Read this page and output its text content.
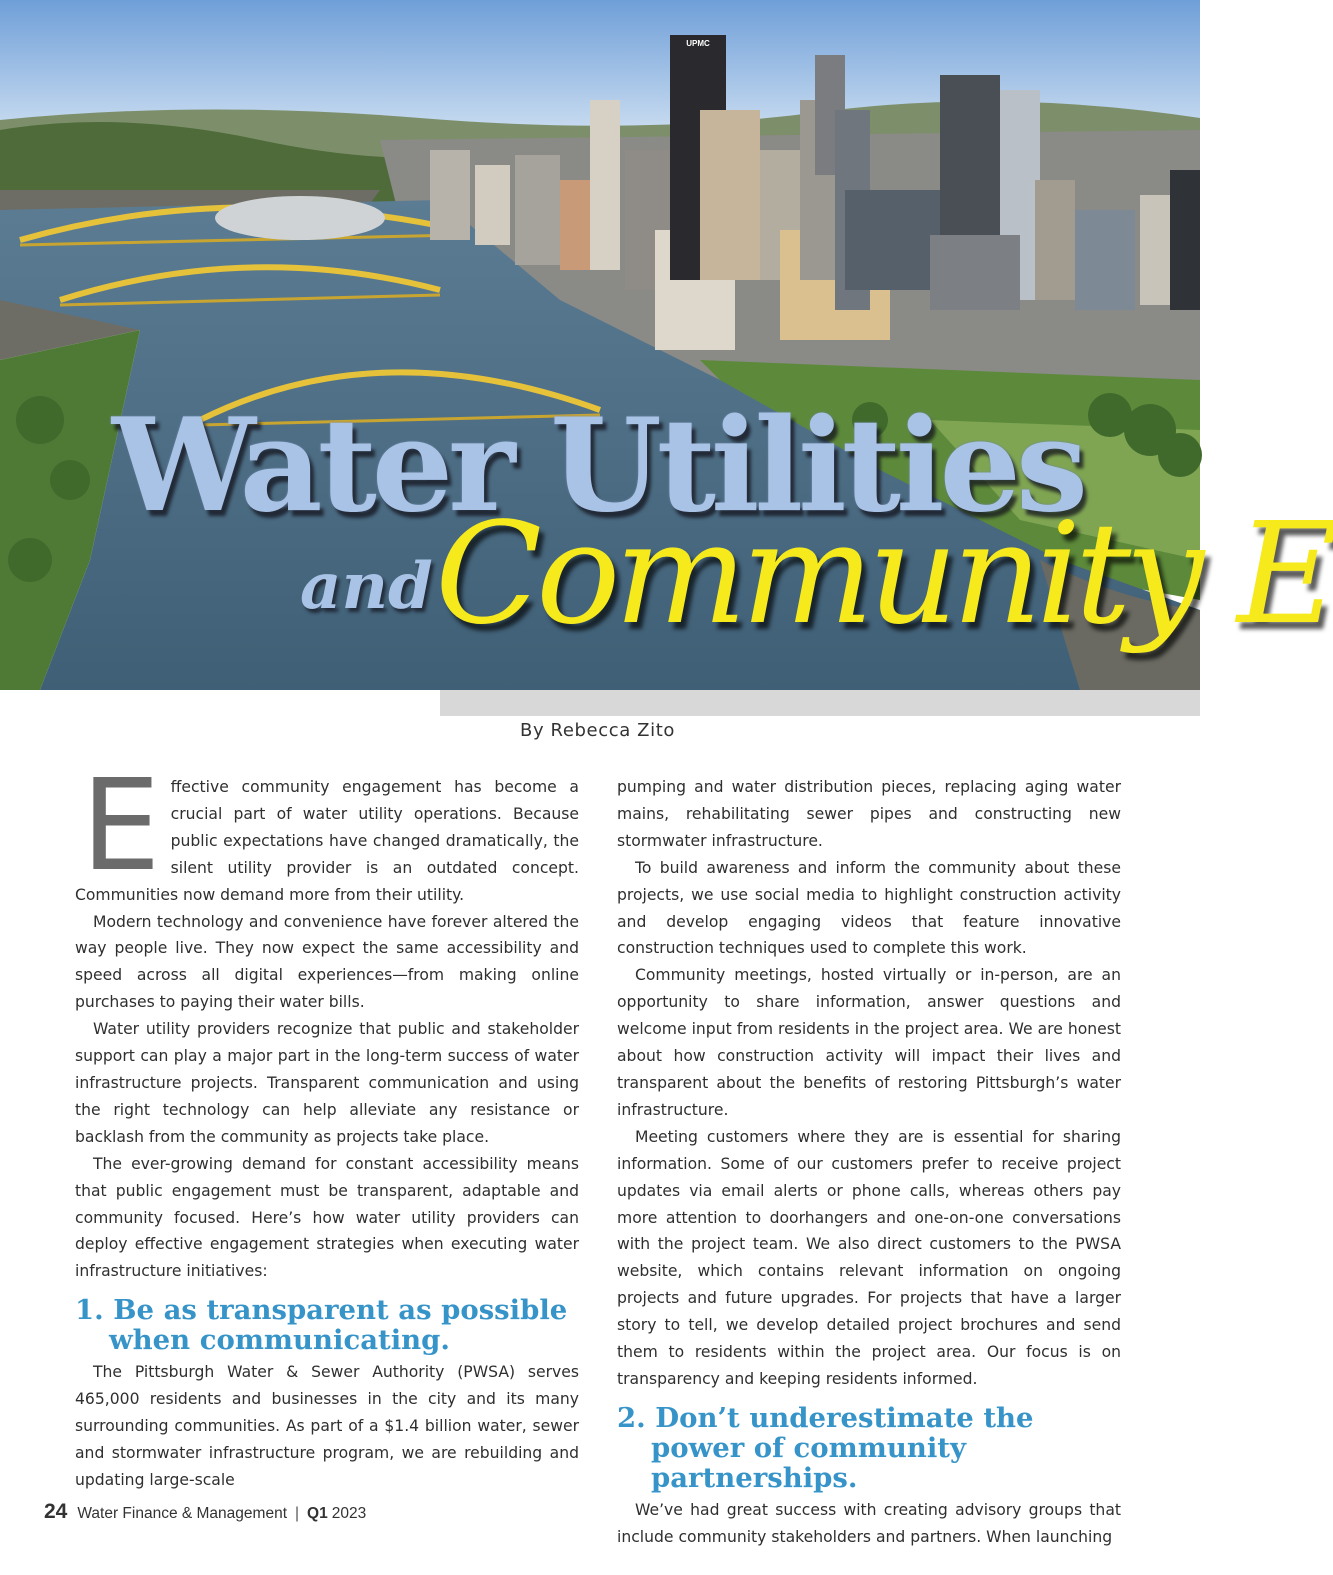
UPMC
Water Utilities
and Community E
By Rebecca Zito

Effective community engagement has become a crucial part of water utility operations. Because public expectations have changed dramatically, the silent utility provider is an outdated concept. Communities now demand more from their utility.

Modern technology and convenience have forever altered the way people live. They now expect the same accessibility and speed across all digital experiences—from making online purchases to paying their water bills.

Water utility providers recognize that public and stakeholder support can play a major part in the long-term success of water infrastructure projects. Transparent communication and using the right technology can help alleviate any resistance or backlash from the community as projects take place.

The ever-growing demand for constant accessibility means that public engagement must be transparent, adaptable and community focused. Here’s how water utility providers can deploy effective engagement strategies when executing water infrastructure initiatives:

1. Be as transparent as possible when communicating.

The Pittsburgh Water & Sewer Authority (PWSA) serves 465,000 residents and businesses in the city and its many surrounding communities. As part of a $1.4 billion water, sewer and stormwater infrastructure program, we are rebuilding and updating large-scale

pumping and water distribution pieces, replacing aging water mains, rehabilitating sewer pipes and constructing new stormwater infrastructure.

To build awareness and inform the community about these projects, we use social media to highlight construction activity and develop engaging videos that feature innovative construction techniques used to complete this work.

Community meetings, hosted virtually or in-person, are an opportunity to share information, answer questions and welcome input from residents in the project area. We are honest about how construction activity will impact their lives and transparent about the benefits of restoring Pittsburgh’s water infrastructure.

Meeting customers where they are is essential for sharing information. Some of our customers prefer to receive project updates via email alerts or phone calls, whereas others pay more attention to doorhangers and one-on-one conversations with the project team. We also direct customers to the PWSA website, which contains relevant information on ongoing projects and future upgrades. For projects that have a larger story to tell, we develop detailed project brochures and send them to residents within the project area. Our focus is on transparency and keeping residents informed.

2. Don’t underestimate the power of community partnerships.

We’ve had great success with creating advisory groups that include community stakeholders and partners. When launching

24 Water Finance & Management | Q1 2023
